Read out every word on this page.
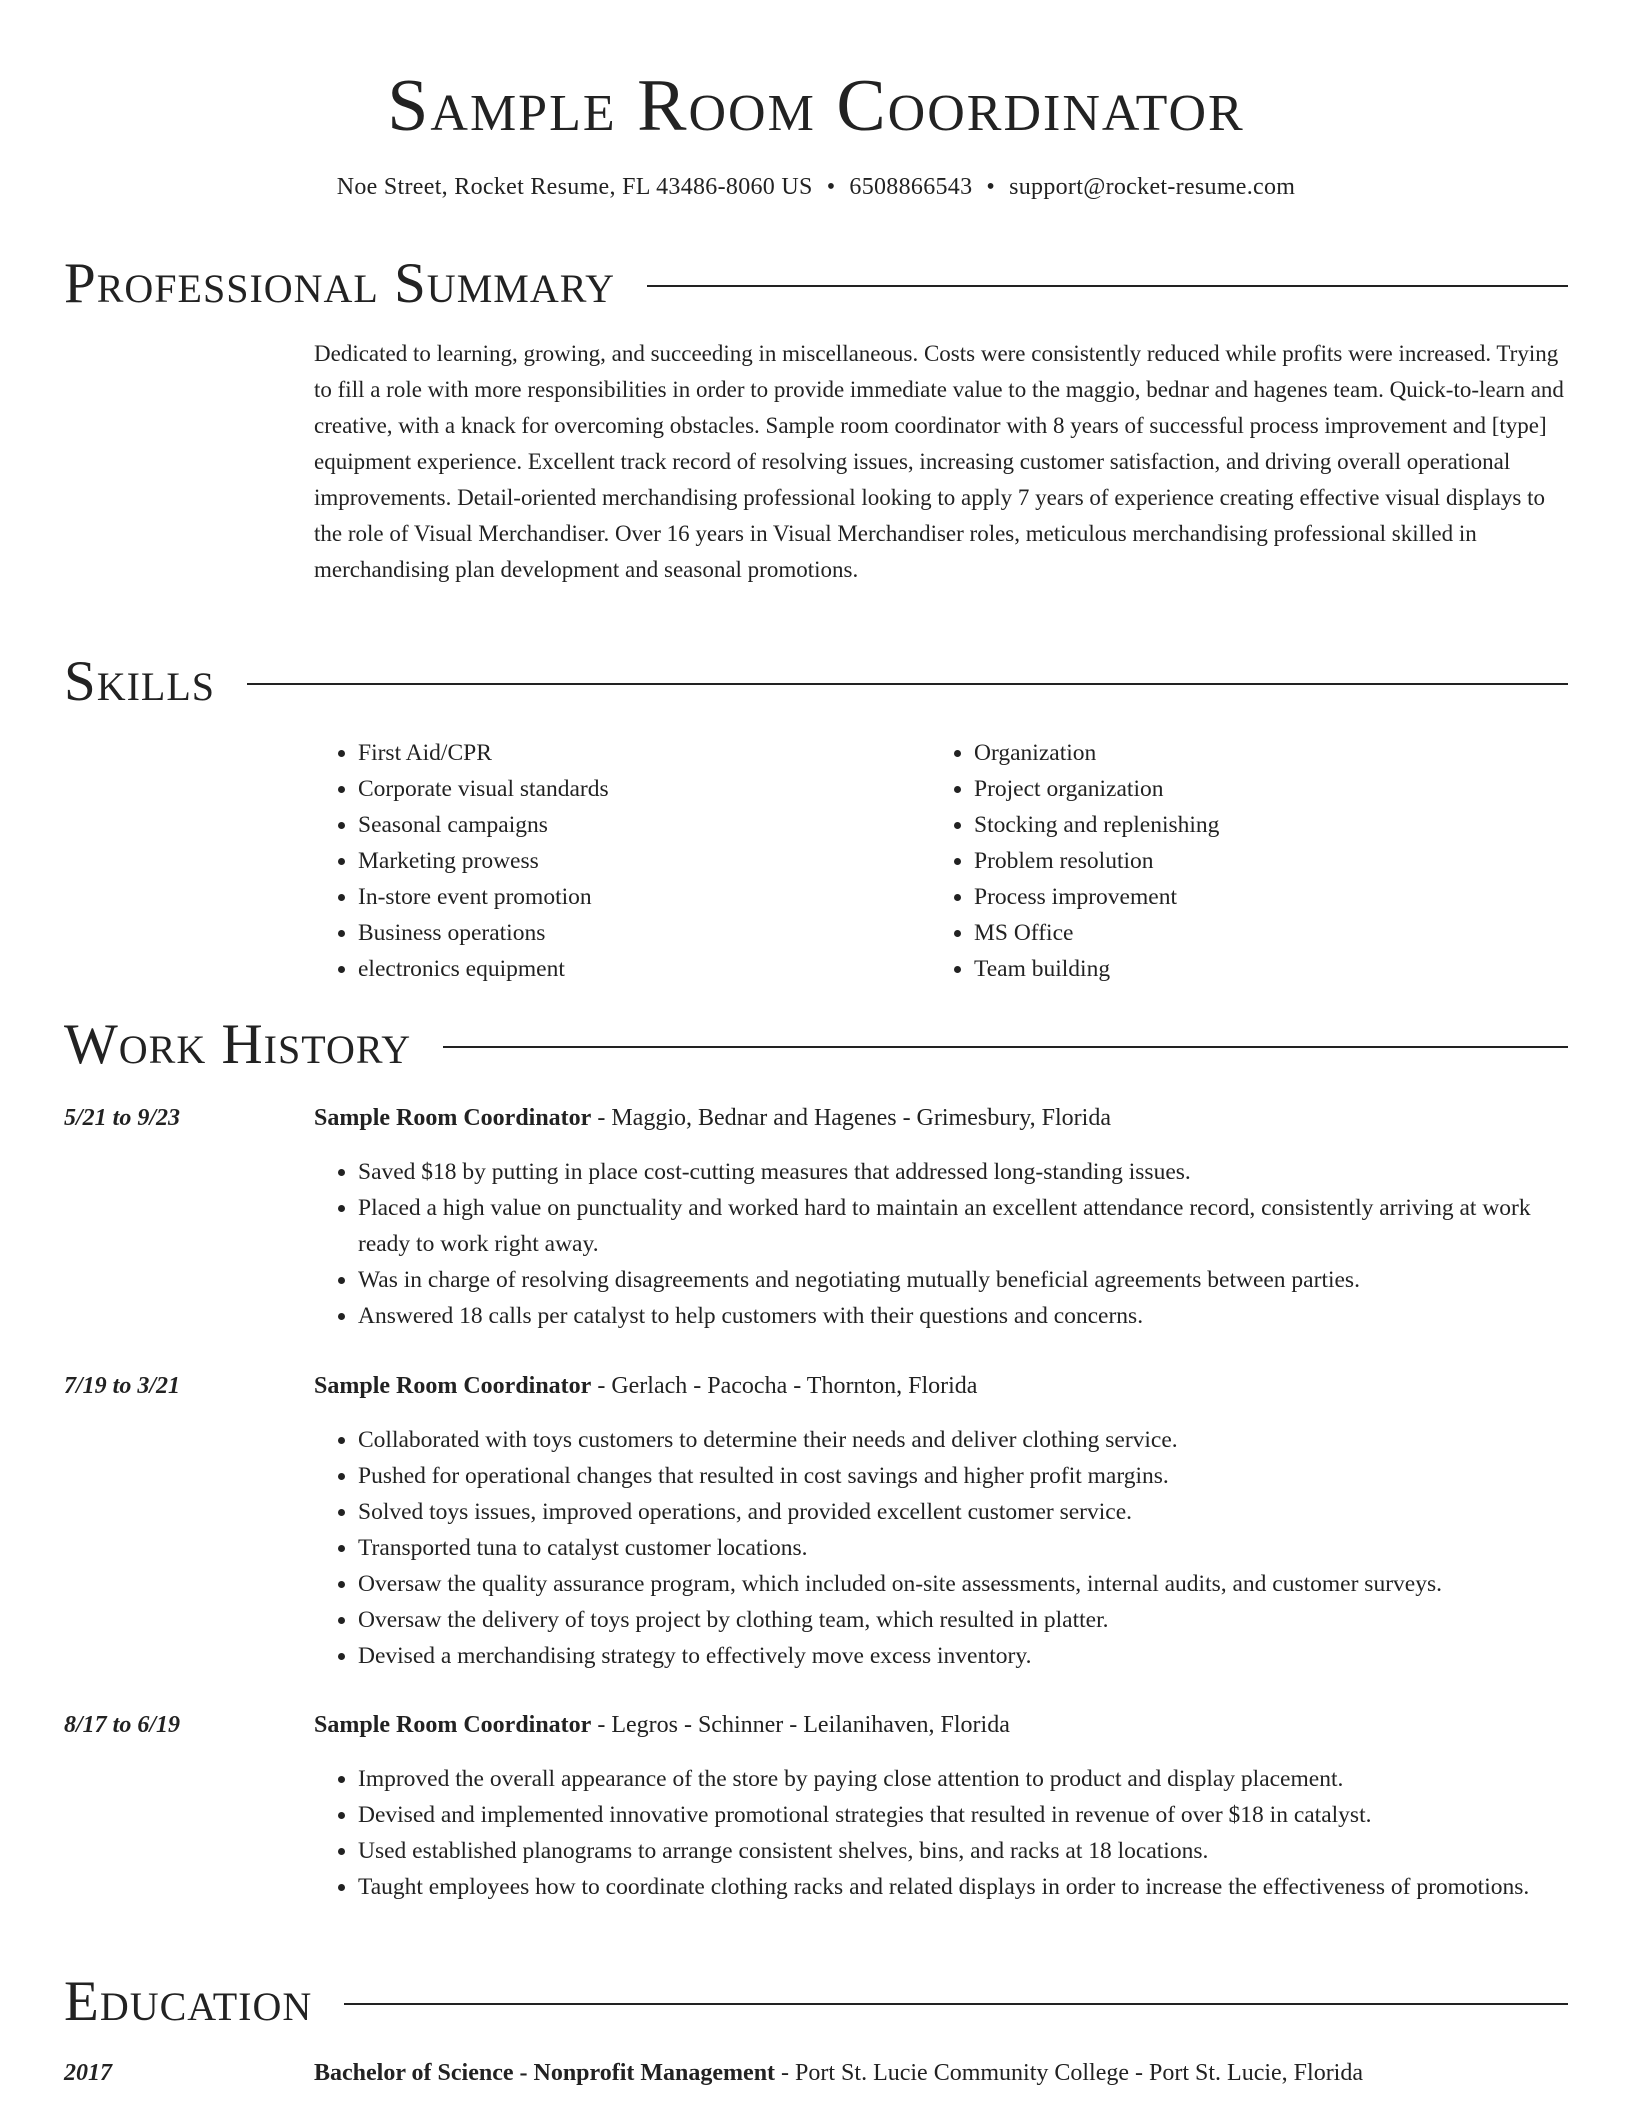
Sample Room Coordinator
Noe Street, Rocket Resume, FL 43486-8060 US • 6508866543 • support@rocket-resume.com
Professional Summary

Dedicated to learning, growing, and succeeding in miscellaneous. Costs were consistently reduced while profits were increased. Trying to fill a role with more responsibilities in order to provide immediate value to the maggio, bednar and hagenes team. Quick-to-learn and creative, with a knack for overcoming obstacles. Sample room coordinator with 8 years of successful process improvement and [type] equipment experience. Excellent track record of resolving issues, increasing customer satisfaction, and driving overall operational improvements. Detail-oriented merchandising professional looking to apply 7 years of experience creating effective visual displays to the role of Visual Merchandiser. Over 16 years in Visual Merchandiser roles, meticulous merchandising professional skilled in merchandising plan development and seasonal promotions.

Skills
• First Aid/CPR
• Corporate visual standards
• Seasonal campaigns
• Marketing prowess
• In-store event promotion
• Business operations
• electronics equipment
• Organization
• Project organization
• Stocking and replenishing
• Problem resolution
• Process improvement
• MS Office
• Team building
Work History
5/21 to 9/23	Sample Room Coordinator - Maggio, Bednar and Hagenes - Grimesbury, Florida
• Saved $18 by putting in place cost-cutting measures that addressed long-standing issues.
• Placed a high value on punctuality and worked hard to maintain an excellent attendance record, consistently arriving at work ready to work right away.
• Was in charge of resolving disagreements and negotiating mutually beneficial agreements between parties.
• Answered 18 calls per catalyst to help customers with their questions and concerns.
7/19 to 3/21	Sample Room Coordinator - Gerlach - Pacocha - Thornton, Florida
• Collaborated with toys customers to determine their needs and deliver clothing service.
• Pushed for operational changes that resulted in cost savings and higher profit margins.
• Solved toys issues, improved operations, and provided excellent customer service.
• Transported tuna to catalyst customer locations.
• Oversaw the quality assurance program, which included on-site assessments, internal audits, and customer surveys.
• Oversaw the delivery of toys project by clothing team, which resulted in platter.
• Devised a merchandising strategy to effectively move excess inventory.
8/17 to 6/19	Sample Room Coordinator - Legros - Schinner - Leilanihaven, Florida
• Improved the overall appearance of the store by paying close attention to product and display placement.
• Devised and implemented innovative promotional strategies that resulted in revenue of over $18 in catalyst.
• Used established planograms to arrange consistent shelves, bins, and racks at 18 locations.
• Taught employees how to coordinate clothing racks and related displays in order to increase the effectiveness of promotions.
Education
2017	Bachelor of Science - Nonprofit Management - Port St. Lucie Community College - Port St. Lucie, Florida
